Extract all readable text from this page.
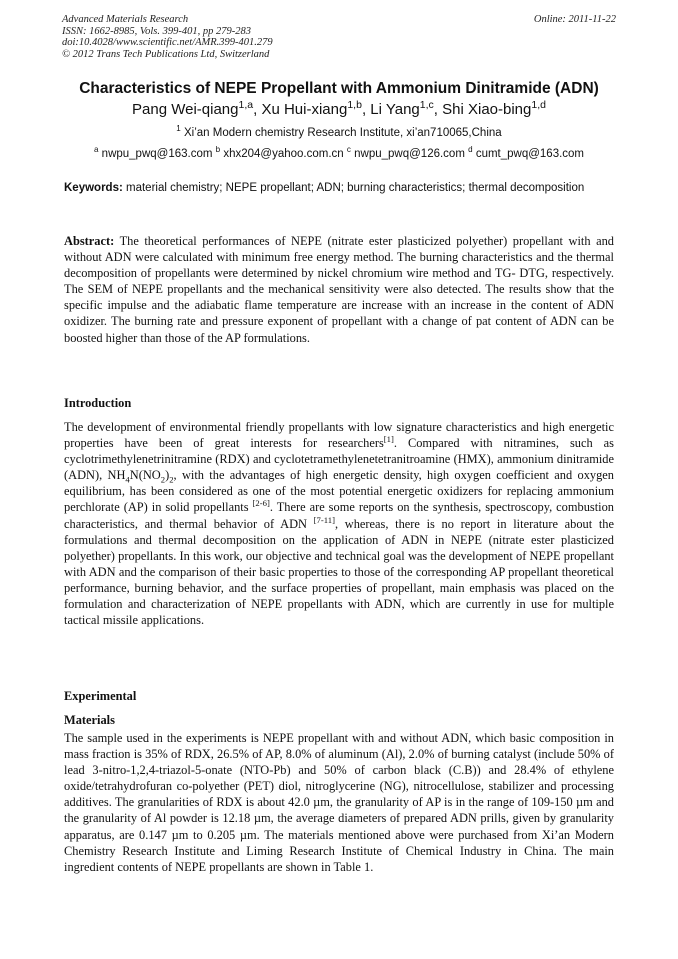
Advanced Materials Research
ISSN: 1662-8985, Vols. 399-401, pp 279-283
doi:10.4028/www.scientific.net/AMR.399-401.279
© 2012 Trans Tech Publications Ltd, Switzerland
Online: 2011-11-22
Characteristics of NEPE Propellant with Ammonium Dinitramide (ADN)
Pang Wei-qiang$^{1,a}$, Xu Hui-xiang$^{1,b}$, Li Yang$^{1,c}$, Shi Xiao-bing$^{1,d}$
$^1$ Xi’an Modern chemistry Research Institute, xi’an710065,China
$^a$ nwpu_pwq@163.com $^b$ xhx204@yahoo.com.cn $^c$ nwpu_pwq@126.com $^d$ cumt_pwq@163.com
Keywords: material chemistry; NEPE propellant; ADN; burning characteristics; thermal decomposition
Abstract: The theoretical performances of NEPE (nitrate ester plasticized polyether) propellant with and without ADN were calculated with minimum free energy method. The burning characteristics and the thermal decomposition of propellants were determined by nickel chromium wire method and TG- DTG, respectively. The SEM of NEPE propellants and the mechanical sensitivity were also detected. The results show that the specific impulse and the adiabatic flame temperature are increase with an increase in the content of ADN oxidizer. The burning rate and pressure exponent of propellant with a change of pat content of ADN can be boosted higher than those of the AP formulations.
Introduction
The development of environmental friendly propellants with low signature characteristics and high energetic properties have been of great interests for researchers[1]. Compared with nitramines, such as cyclotrimethylenetrinitramine (RDX) and cyclotetramethylenetetranitroamine (HMX), ammonium dinitramide (ADN), $NH_4N(NO_2)_2$, with the advantages of high energetic density, high oxygen coefficient and oxygen equilibrium, has been considered as one of the most potential energetic oxidizers for replacing ammonium perchlorate (AP) in solid propellants [2-6]. There are some reports on the synthesis, spectroscopy, combustion characteristics, and thermal behavior of ADN [7-11], whereas, there is no report in literature about the formulations and thermal decomposition on the application of ADN in NEPE (nitrate ester plasticized polyether) propellants. In this work, our objective and technical goal was the development of NEPE propellant with ADN and the comparison of their basic properties to those of the corresponding AP propellant theoretical performance, burning behavior, and the surface properties of propellant, main emphasis was placed on the formulation and characterization of NEPE propellants with ADN, which are currently in use for multiple tactical missile applications.
Experimental
Materials
The sample used in the experiments is NEPE propellant with and without ADN, which basic composition in mass fraction is 35% of RDX, 26.5% of AP, 8.0% of aluminum (Al), 2.0% of burning catalyst (include 50% of lead 3-nitro-1,2,4-triazol-5-onate (NTO-Pb) and 50% of carbon black (C.B)) and 28.4% of ethylene oxide/tetrahydrofuran co-polyether (PET) diol, nitroglycerine (NG), nitrocellulose, stabilizer and processing additives. The granularities of RDX is about 42.0 µm, the granularity of AP is in the range of 109-150 µm and the granularity of Al powder is 12.18 µm, the average diameters of prepared ADN prills, given by granularity apparatus, are 0.147 µm to 0.205 µm. The materials mentioned above were purchased from Xi’an Modern Chemistry Research Institute and Liming Research Institute of Chemical Industry in China. The main ingredient contents of NEPE propellants are shown in Table 1.
